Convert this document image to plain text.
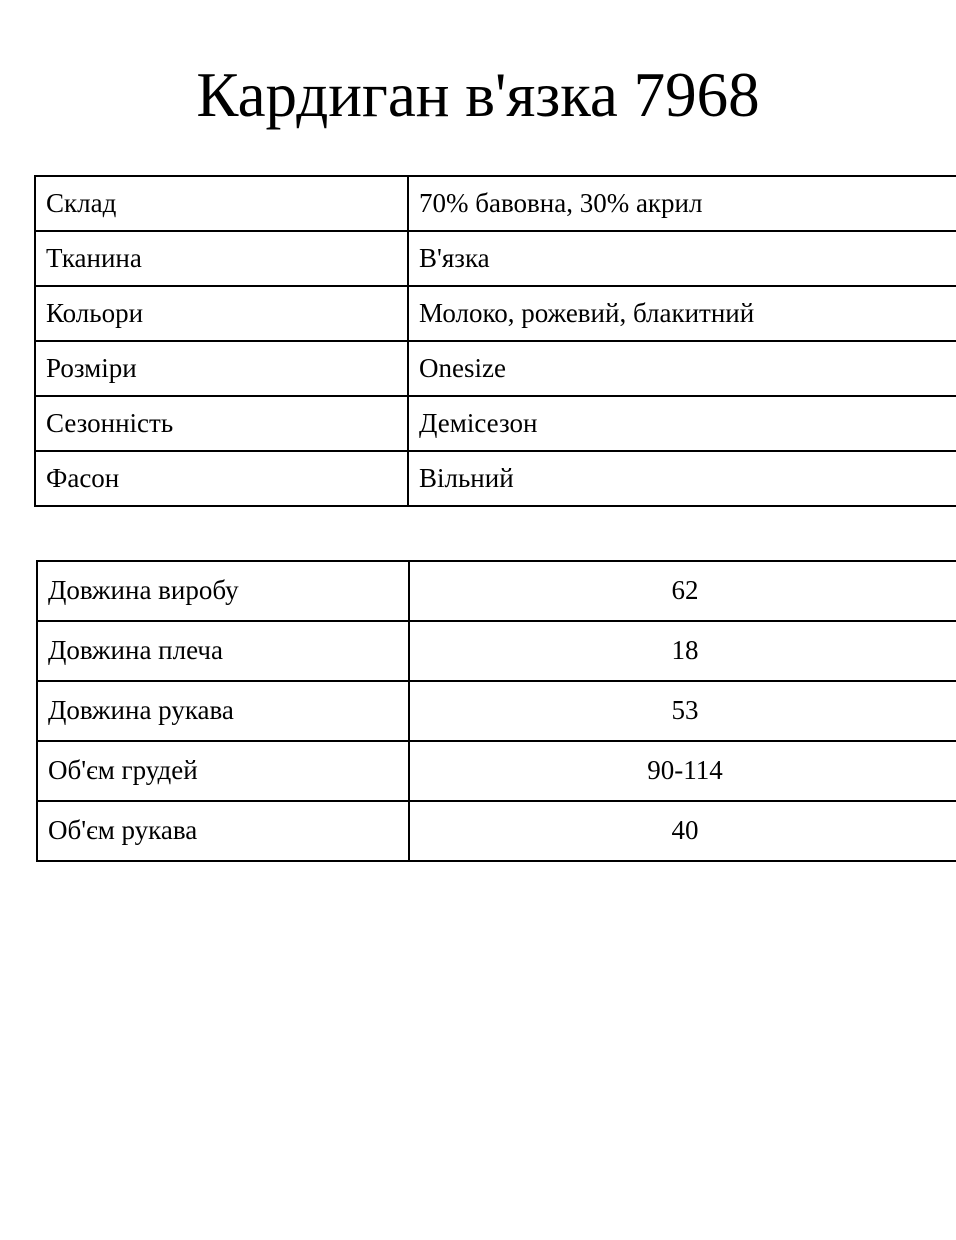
Кардиган в'язка 7968
Склад	70% бавовна, 30% акрил
Тканина	В'язка
Кольори	Молоко, рожевий, блакитний
Розміри	Onesize
Сезонність	Демісезон
Фасон	Вільний
Довжина виробу	62
Довжина плеча	18
Довжина рукава	53
Об'єм грудей	90-114
Об'єм рукава	40
